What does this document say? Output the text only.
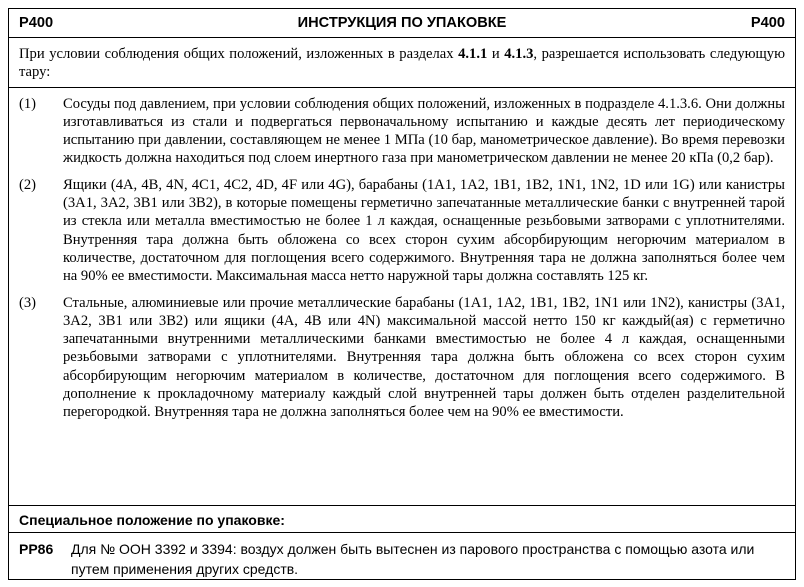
P400	ИНСТРУКЦИЯ ПО УПАКОВКЕ	P400
При условии соблюдения общих положений, изложенных в разделах 4.1.1 и 4.1.3, разрешается использовать следующую тару:
(1) Сосуды под давлением, при условии соблюдения общих положений, изложенных в подразделе 4.1.3.6. Они должны изготавливаться из стали и подвергаться первоначальному испытанию и каждые десять лет периодическому испытанию при давлении, составляющем не менее 1 МПа (10 бар, манометрическое давление). Во время перевозки жидкость должна находиться под слоем инертного газа при манометрическом давлении не менее 20 кПа (0,2 бар).
(2) Ящики (4A, 4B, 4N, 4C1, 4C2, 4D, 4F или 4G), барабаны (1A1, 1A2, 1B1, 1B2, 1N1, 1N2, 1D или 1G) или канистры (3A1, 3A2, 3B1 или 3B2), в которые помещены герметично запечатанные металлические банки с внутренней тарой из стекла или металла вместимостью не более 1 л каждая, оснащенные резьбовыми затворами с уплотнителями. Внутренняя тара должна быть обложена со всех сторон сухим абсорбирующим негорючим материалом в количестве, достаточном для поглощения всего содержимого. Внутренняя тара не должна заполняться более чем на 90% ее вместимости. Максимальная масса нетто наружной тары должна составлять 125 кг.
(3) Стальные, алюминиевые или прочие металлические барабаны (1A1, 1A2, 1B1, 1B2, 1N1 или 1N2), канистры (3A1, 3A2, 3B1 или 3B2) или ящики (4A, 4B или 4N) максимальной массой нетто 150 кг каждый(ая) с герметично запечатанными внутренними металлическими банками вместимостью не более 4 л каждая, оснащенными резьбовыми затворами с уплотнителями. Внутренняя тара должна быть обложена со всех сторон сухим абсорбирующим негорючим материалом в количестве, достаточном для поглощения всего содержимого. В дополнение к прокладочному материалу каждый слой внутренней тары должен быть отделен разделительной перегородкой. Внутренняя тара не должна заполняться более чем на 90% ее вместимости.
Специальное положение по упаковке:
PP86 Для № ООН 3392 и 3394: воздух должен быть вытеснен из парового пространства с помощью азота или путем применения других средств.
